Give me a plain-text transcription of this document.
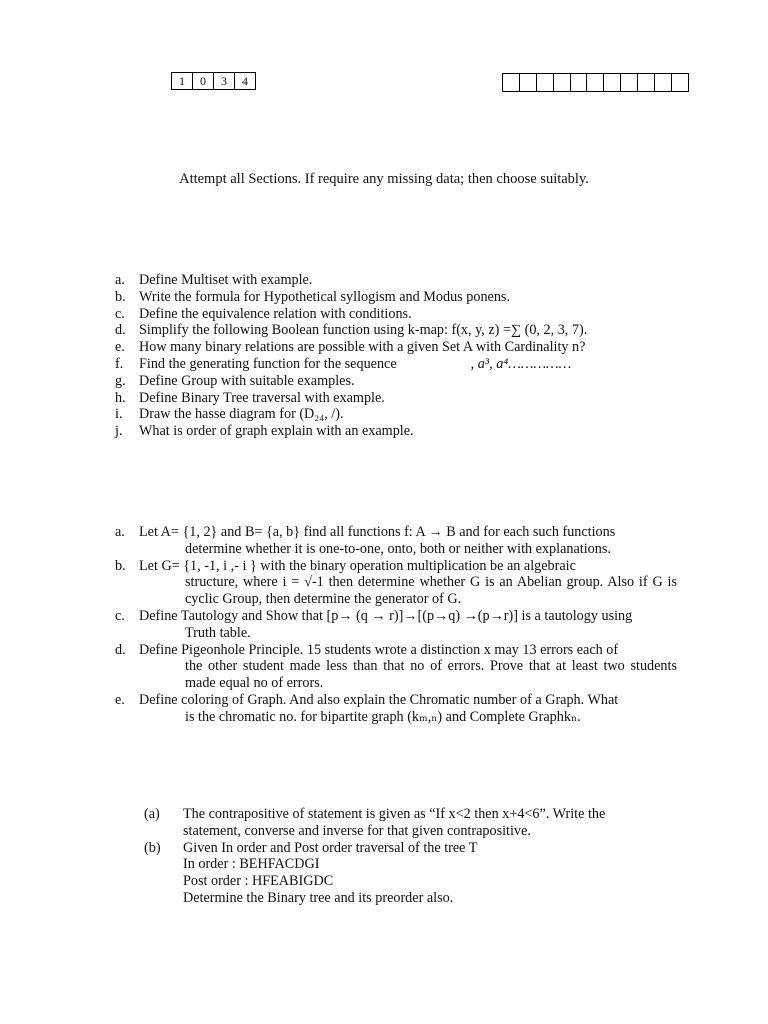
1	0	3	4
Attempt all Sections. If require any missing data; then choose suitably.
a. Define Multiset with example.
b. Write the formula for Hypothetical syllogism and Modus ponens.
c. Define the equivalence relation with conditions.
d. Simplify the following Boolean function using k-map: f(x, y, z) =∑ (0, 2, 3, 7).
e. How many binary relations are possible with a given Set A with Cardinality n?
f.	Find the generating function for the sequence	, a³, a⁴……………
g. Define Group with suitable examples.
h. Define Binary Tree traversal with example.
i.	Draw the hasse diagram for (D₂₄, /).
j.	What is order of graph explain with an example.
a. Let A= {1, 2} and B= {a, b} find all functions f: A → B and for each such functions
determine whether it is one-to-one, onto, both or neither with explanations.
b. Let G= {1, -1, i ,- i } with the binary operation multiplication be an algebraic
structure, where i = √-1 then determine whether G is an Abelian group. Also if G is cyclic Group, then determine the generator of G.
c. Define Tautology and Show that [p→ (q → r)]→[(p→q) →(p→r)] is a tautology using
Truth table.
d. Define Pigeonhole Principle. 15 students wrote a distinction x may 13 errors each of
the other student made less than that no of errors. Prove that at least two students made equal no of errors.
e. Define coloring of Graph. And also explain the Chromatic number of a Graph. What
is the chromatic no. for bipartite graph (kₘ,ₙ) and Complete Graphkₙ.
(a)	The contrapositive of statement is given as “If x<2 then x+4<6”. Write the
statement, converse and inverse for that given contrapositive.
(b)	Given In order and Post order traversal of the tree T
In order : BEHFACDGI
Post order : HFEABIGDC
Determine the Binary tree and its preorder also.
